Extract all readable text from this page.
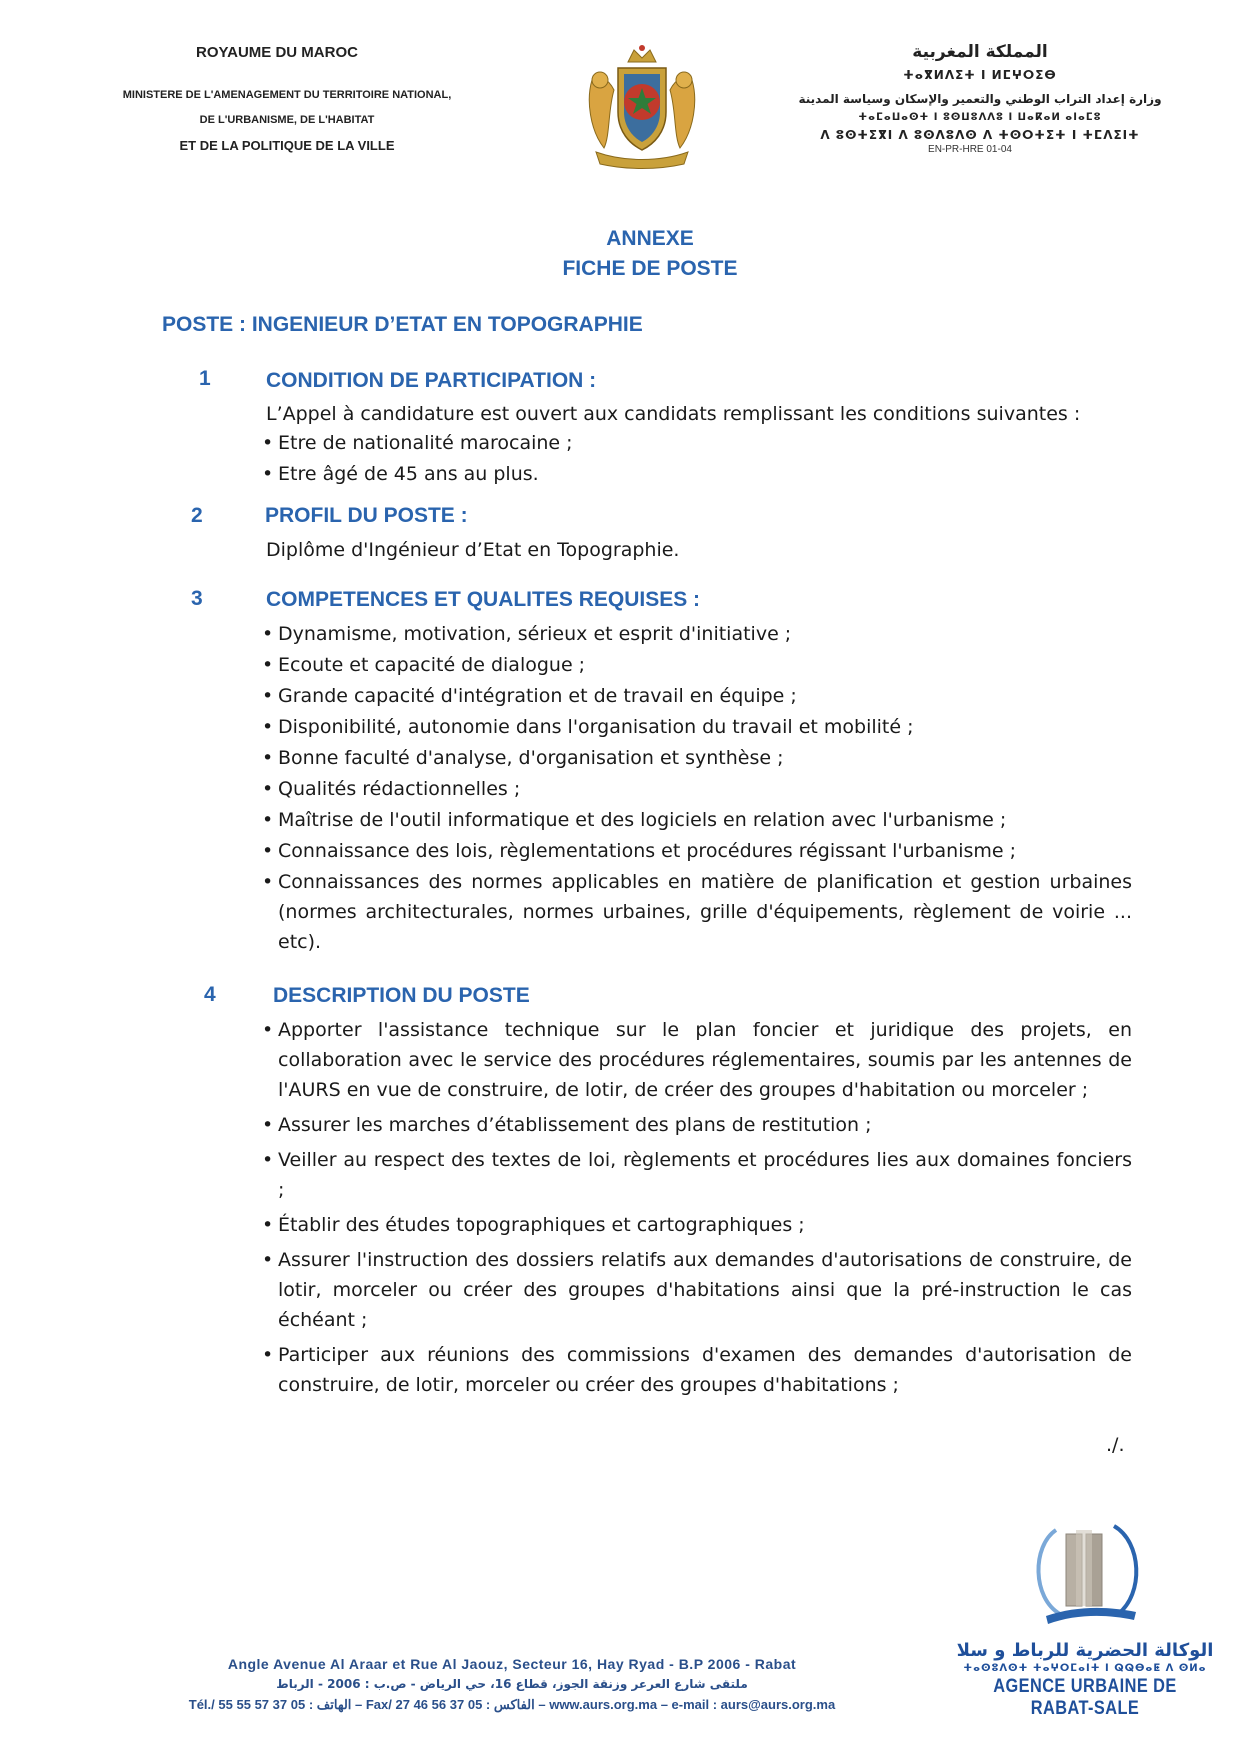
ROYAUME DU MAROC
MINISTERE DE L'AMENAGEMENT DU TERRITOIRE NATIONAL,
DE L'URBANISME, DE L'HABITAT
ET DE LA POLITIQUE DE LA VILLE
المملكة المغربية
ⵜⴰⴳⵍⴷⵉⵜ ⵏ ⵍⵎⵖⵔⵉⴱ
وزارة إعداد التراب الوطني والتعمير والإسكان وسياسة المدينة
ⵜⴰⵎⴰⵡⴰⵙⵜ ⵏ ⵓⵙⵡⵓⴷⴷⵓ ⵏ ⵡⴰⴽⴰⵍ ⴰⵏⴰⵎⵓ
ⴷ ⵓⵙⵜⵉⴳⵏ ⴷ ⵓⵙⴷⵓⴷⵙ ⴷ ⵜⵙⵔⵜⵉⵜ ⵏ ⵜⵎⴷⵉⵏⵜ
EN-PR-HRE 01-04
ANNEXE
FICHE DE POSTE
POSTE : INGENIEUR D’ETAT EN TOPOGRAPHIE
1	CONDITION DE PARTICIPATION :
L’Appel à candidature est ouvert aux candidats remplissant les conditions suivantes :
• Etre de nationalité marocaine ;
• Etre âgé de 45 ans au plus.
2	PROFIL DU POSTE :
Diplôme d'Ingénieur d’Etat en Topographie.
3	COMPETENCES ET QUALITES REQUISES :
• Dynamisme, motivation, sérieux et esprit d'initiative ;
• Ecoute et capacité de dialogue ;
• Grande capacité d'intégration et de travail en équipe ;
• Disponibilité, autonomie dans l'organisation du travail et mobilité ;
• Bonne faculté d'analyse, d'organisation et synthèse ;
• Qualités rédactionnelles ;
• Maîtrise de l'outil informatique et des logiciels en relation avec l'urbanisme ;
• Connaissance des lois, règlementations et procédures régissant l'urbanisme ;
• Connaissances des normes applicables en matière de planification et gestion urbaines (normes architecturales, normes urbaines, grille d'équipements, règlement de voirie ... etc).
4	DESCRIPTION DU POSTE
• Apporter l'assistance technique sur le plan foncier et juridique des projets, en collaboration avec le service des procédures réglementaires, soumis par les antennes de l'AURS en vue de construire, de lotir, de créer des groupes d'habitation ou morceler ;
• Assurer les marches d’établissement des plans de restitution ;
• Veiller au respect des textes de loi, règlements et procédures lies aux domaines fonciers ;
• Établir des études topographiques et cartographiques ;
• Assurer l'instruction des dossiers relatifs aux demandes d'autorisations de construire, de lotir, morceler ou créer des groupes d'habitations ainsi que la pré-instruction le cas échéant ;
• Participer aux réunions des commissions d'examen des demandes d'autorisation de construire, de lotir, morceler ou créer des groupes d'habitations ;
./.
Angle Avenue Al Araar et Rue Al Jaouz, Secteur 16, Hay Ryad - B.P 2006 - Rabat
ملتقى شارع العرعر وزنقة الجوز، قطاع 16، حي الرياض - ص.ب : 2006 - الرباط
Tél./ الهاتف : 05 37 57 55 55 – Fax/ الفاكس : 05 37 56 46 27 – www.aurs.org.ma – e-mail : aurs@aurs.org.ma
الوكالة الحضرية للرباط و سلا
ⵜⴰⵙⵓⴷⵙⵜ ⵜⴰⵖⵔⵎⴰⵏⵜ ⵏ ⵕⵕⴱⴰⵟ ⴷ ⵙⵍⴰ
AGENCE URBAINE DE RABAT-SALE
